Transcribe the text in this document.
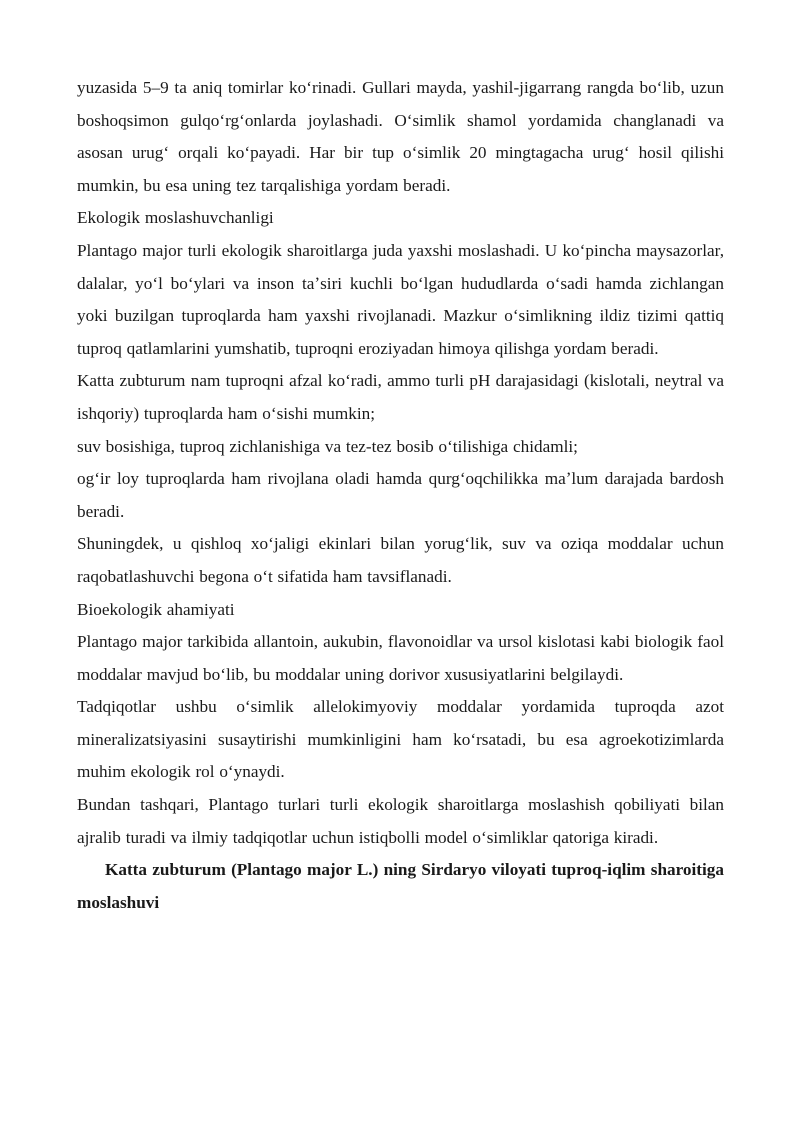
yuzasida 5–9 ta aniq tomirlar koʻrinadi. Gullari mayda, yashil-jigarrang rangda boʻlib, uzun boshoqsimon gulqoʻrgʻonlarda joylashadi. Oʻsimlik shamol yordamida changlanadi va asosan urugʻ orqali koʻpayadi. Har bir tup oʻsimlik 20 mingtagacha urugʻ hosil qilishi mumkin, bu esa uning tez tarqalishiga yordam beradi.

Ekologik moslashuvchanligi

Plantago major turli ekologik sharoitlarga juda yaxshi moslashadi. U koʻpincha maysazorlar, dalalar, yoʻl boʻylari va inson taʼsiri kuchli boʻlgan hududlarda oʻsadi hamda zichlangan yoki buzilgan tuproqlarda ham yaxshi rivojlanadi. Mazkur oʻsimlikning ildiz tizimi qattiq tuproq qatlamlarini yumshatib, tuproqni eroziyadan himoya qilishga yordam beradi.

Katta zubturum nam tuproqni afzal koʻradi, ammo turli pH darajasidagi (kislotali, neytral va ishqoriy) tuproqlarda ham oʻsishi mumkin;

suv bosishiga, tuproq zichlanishiga va tez-tez bosib oʻtilishiga chidamli;

ogʻir loy tuproqlarda ham rivojlana oladi hamda qurgʻoqchilikka maʼlum darajada bardosh beradi.

Shuningdek, u qishloq xoʻjaligi ekinlari bilan yorugʻlik, suv va oziqa moddalar uchun raqobatlashuvchi begona oʻt sifatida ham tavsiflanadi.

Bioekologik ahamiyati

Plantago major tarkibida allantoin, aukubin, flavonoidlar va ursol kislotasi kabi biologik faol moddalar mavjud boʻlib, bu moddalar uning dorivor xususiyatlarini belgilaydi.

Tadqiqotlar ushbu oʻsimlik allelokimyoviy moddalar yordamida tuproqda azot mineralizatsiyasini susaytirishi mumkinligini ham koʻrsatadi, bu esa agroekotizimlarda muhim ekologik rol oʻynaydi.

Bundan tashqari, Plantago turlari turli ekologik sharoitlarga moslashish qobiliyati bilan ajralib turadi va ilmiy tadqiqotlar uchun istiqbolli model oʻsimliklar qatoriga kiradi.

Katta zubturum (Plantago major L.) ning Sirdaryo viloyati tuproq-iqlim sharoitiga moslashuvi
